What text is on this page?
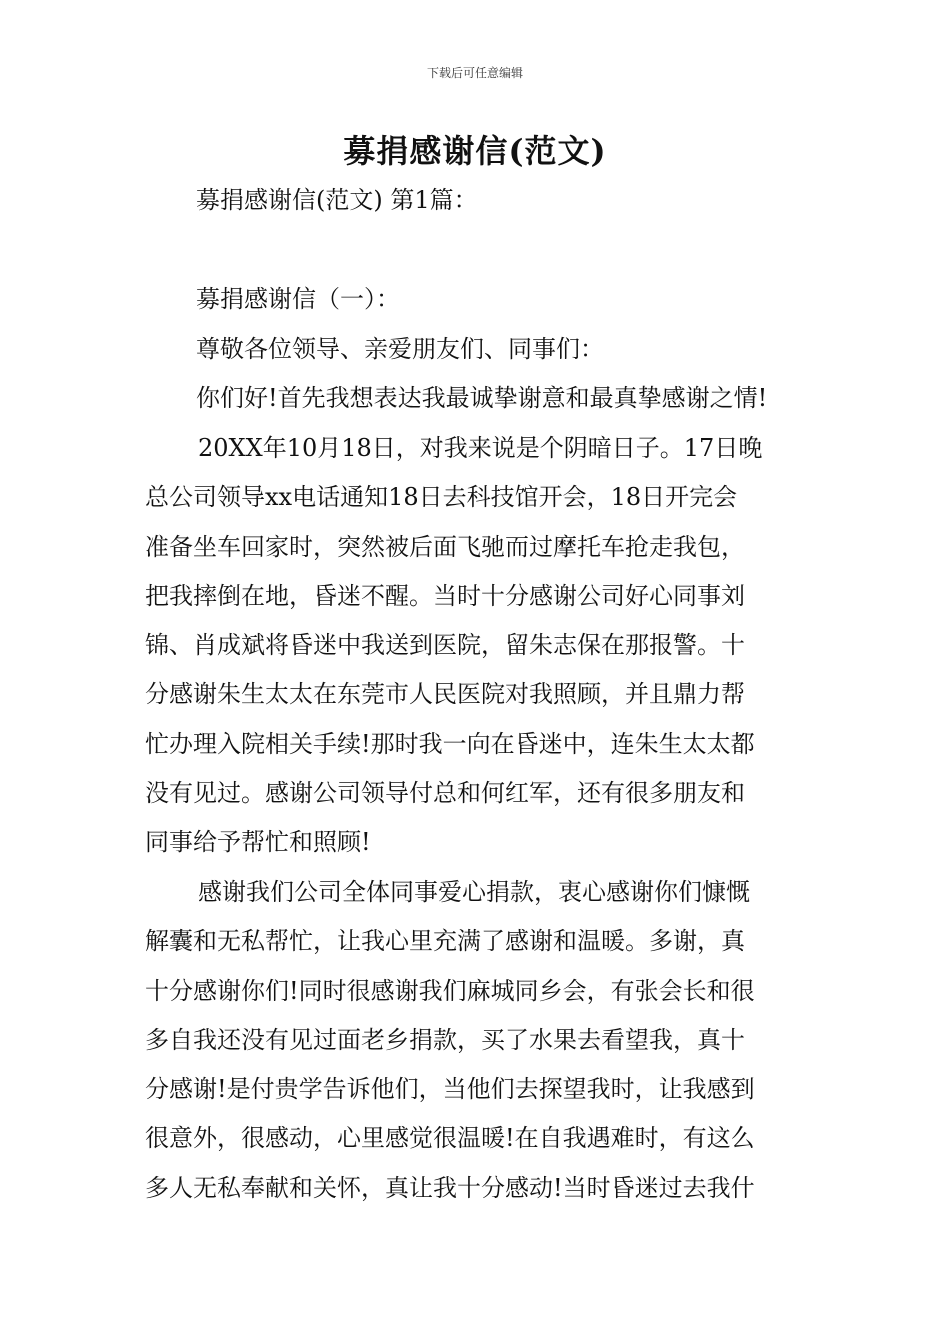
下载后可任意编辑
募捐感谢信(范文)
募捐感谢信(范文) 第1篇：
募捐感谢信（一）：
尊敬各位领导、亲爱朋友们、同事们：
你们好!首先我想表达我最诚挚谢意和最真挚感谢之情!
20XX年10月18日，对我来说是个阴暗日子。17日晚
总公司领导xx电话通知18日去科技馆开会，18日开完会
准备坐车回家时，突然被后面飞驰而过摩托车抢走我包，
把我摔倒在地，昏迷不醒。当时十分感谢公司好心同事刘
锦、肖成斌将昏迷中我送到医院，留朱志保在那报警。十
分感谢朱生太太在东莞市人民医院对我照顾，并且鼎力帮
忙办理入院相关手续!那时我一向在昏迷中，连朱生太太都
没有见过。感谢公司领导付总和何红军，还有很多朋友和
同事给予帮忙和照顾!
感谢我们公司全体同事爱心捐款，衷心感谢你们慷慨
解囊和无私帮忙，让我心里充满了感谢和温暖。多谢，真
十分感谢你们!同时很感谢我们麻城同乡会，有张会长和很
多自我还没有见过面老乡捐款，买了水果去看望我，真十
分感谢!是付贵学告诉他们，当他们去探望我时，让我感到
很意外，很感动，心里感觉很温暖!在自我遇难时，有这么
多人无私奉献和关怀，真让我十分感动!当时昏迷过去我什
